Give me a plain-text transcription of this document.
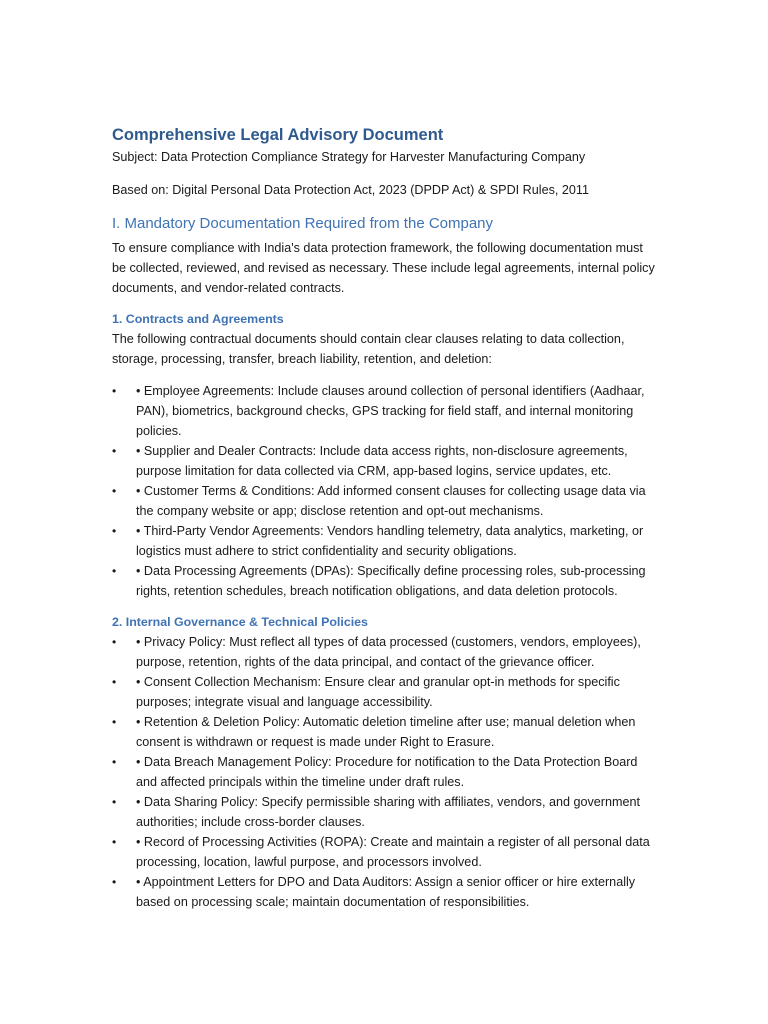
Comprehensive Legal Advisory Document

Subject: Data Protection Compliance Strategy for Harvester Manufacturing Company

Based on: Digital Personal Data Protection Act, 2023 (DPDP Act) & SPDI Rules, 2011

I. Mandatory Documentation Required from the Company

To ensure compliance with India's data protection framework, the following documentation must be collected, reviewed, and revised as necessary. These include legal agreements, internal policy documents, and vendor-related contracts.

1. Contracts and Agreements

The following contractual documents should contain clear clauses relating to data collection, storage, processing, transfer, breach liability, retention, and deletion:

•	• Employee Agreements: Include clauses around collection of personal identifiers (Aadhaar, PAN), biometrics, background checks, GPS tracking for field staff, and internal monitoring policies.
•	• Supplier and Dealer Contracts: Include data access rights, non-disclosure agreements, purpose limitation for data collected via CRM, app-based logins, service updates, etc.
•	• Customer Terms & Conditions: Add informed consent clauses for collecting usage data via the company website or app; disclose retention and opt-out mechanisms.
•	• Third-Party Vendor Agreements: Vendors handling telemetry, data analytics, marketing, or logistics must adhere to strict confidentiality and security obligations.
•	• Data Processing Agreements (DPAs): Specifically define processing roles, sub-processing rights, retention schedules, breach notification obligations, and data deletion protocols.
2. Internal Governance & Technical Policies
•	• Privacy Policy: Must reflect all types of data processed (customers, vendors, employees), purpose, retention, rights of the data principal, and contact of the grievance officer.
•	• Consent Collection Mechanism: Ensure clear and granular opt-in methods for specific purposes; integrate visual and language accessibility.
•	• Retention & Deletion Policy: Automatic deletion timeline after use; manual deletion when consent is withdrawn or request is made under Right to Erasure.
•	• Data Breach Management Policy: Procedure for notification to the Data Protection Board and affected principals within the timeline under draft rules.
•	• Data Sharing Policy: Specify permissible sharing with affiliates, vendors, and government authorities; include cross-border clauses.
•	• Record of Processing Activities (ROPA): Create and maintain a register of all personal data processing, location, lawful purpose, and processors involved.
•	• Appointment Letters for DPO and Data Auditors: Assign a senior officer or hire externally based on processing scale; maintain documentation of responsibilities.
